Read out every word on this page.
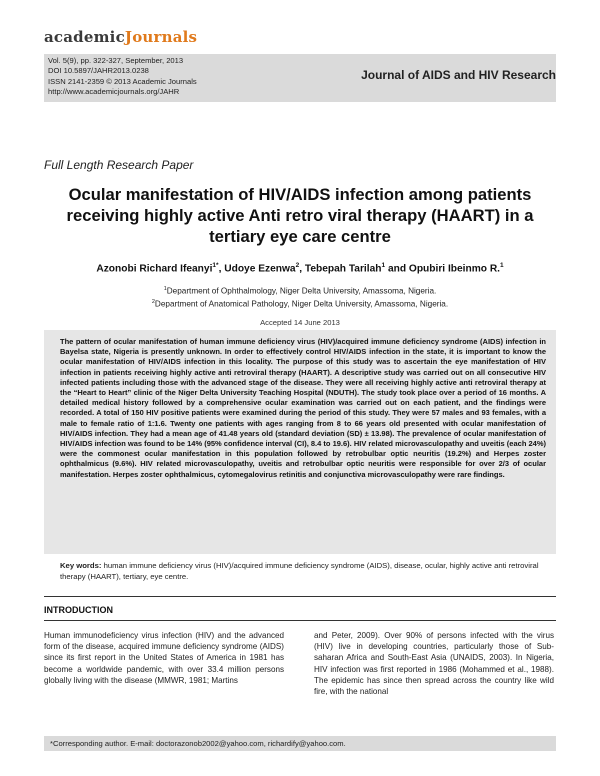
academicJournals
Vol. 5(9), pp. 322-327, September, 2013
DOI 10.5897/JAHR2013.0238
ISSN 2141-2359 © 2013 Academic Journals
http://www.academicjournals.org/JAHR
Journal of AIDS and HIV Research
Full Length Research Paper
Ocular manifestation of HIV/AIDS infection among patients receiving highly active Anti retro viral therapy (HAART) in a tertiary eye care centre
Azonobi Richard Ifeanyi$^{1*}$, Udoye Ezenwa$^2$, Tebepah Tarilah$^1$ and Opubiri Ibeinmo R.$^1$
$^1$Department of Ophthalmology, Niger Delta University, Amassoma, Nigeria.
$^2$Department of Anatomical Pathology, Niger Delta University, Amassoma, Nigeria.
Accepted 14 June 2013

The pattern of ocular manifestation of human immune deficiency virus (HIV)/acquired immune deficiency syndrome (AIDS) infection in Bayelsa state, Nigeria is presently unknown. In order to effectively control HIV/AIDS infection in the state, it is important to know the ocular manifestation of HIV/AIDS infection in this locality. The purpose of this study was to ascertain the eye manifestation of HIV infection in patients receiving highly active anti retroviral therapy (HAART). A descriptive study was carried out on all consecutive HIV infected patients including those with the advanced stage of the disease. They were all receiving highly active anti retroviral therapy at the “Heart to Heart” clinic of the Niger Delta University Teaching Hospital (NDUTH). The study took place over a period of 16 months. A detailed medical history followed by a comprehensive ocular examination was carried out on each patient, and the findings were recorded. A total of 150 HIV positive patients were examined during the period of this study. They were 57 males and 93 females, with a male to female ratio of 1:1.6. Twenty one patients with ages ranging from 8 to 66 years old presented with ocular manifestation of HIV/AIDS infection. They had a mean age of 41.48 years old (standard deviation (SD) ± 13.98). The prevalence of ocular manifestation of HIV/AIDS infection was found to be 14% (95% confidence interval (CI), 8.4 to 19.6). HIV related microvasculopathy and uveitis (each 24%) were the commonest ocular manifestation in this population followed by retrobulbar optic neuritis (19.2%) and Herpes zoster ophthalmicus (9.6%). HIV related microvasculopathy, uveitis and retrobulbar optic neuritis were responsible for over 2/3 of ocular manifestation. Herpes zoster ophthalmicus, cytomegalovirus retinitis and conjunctiva microvasculopathy were rare findings.

Key words: human immune deficiency virus (HIV)/acquired immune deficiency syndrome (AIDS), disease, ocular, highly active anti retroviral therapy (HAART), tertiary, eye centre.

INTRODUCTION

Human immunodeficiency virus infection (HIV) and the advanced form of the disease, acquired immune deficiency syndrome (AIDS) since its first report in the United States of America in 1981 has become a worldwide pandemic, with over 33.4 million persons globally living with the disease (MMWR, 1981; Martins

and Peter, 2009). Over 90% of persons infected with the virus (HIV) live in developing countries, particularly those of Sub-saharan Africa and South-East Asia (UNAIDS, 2003). In Nigeria, HIV infection was first reported in 1986 (Mohammed et al., 1988). The epidemic has since then spread across the country like wild fire, with the national

*Corresponding author. E-mail: doctorazonob2002@yahoo.com, richardify@yahoo.com.
